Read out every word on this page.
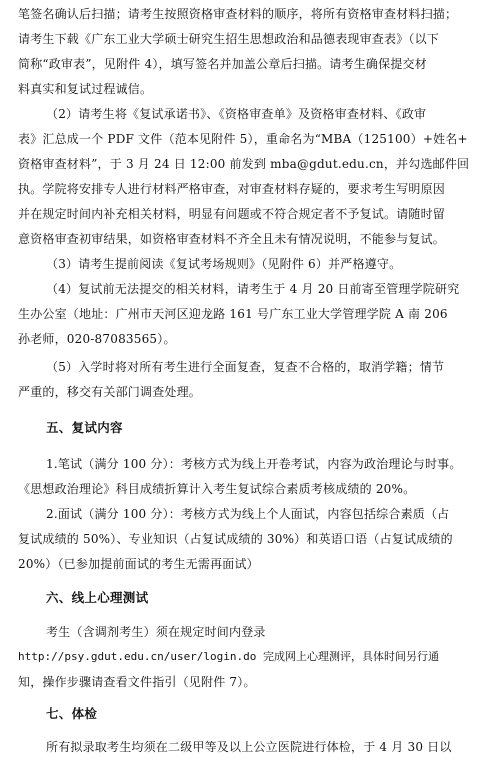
笔签名确认后扫描；请考生按照资格审查材料的顺序，将所有资格审查材料扫描；
请考生下载《广东工业大学硕士研究生招生思想政治和品德表现审查表》（以下
简称“政审表”，见附件 4），填写签名并加盖公章后扫描。请考生确保提交材
料真实和复试过程诚信。
（2）请考生将《复试承诺书》、《资格审查单》及资格审查材料、《政审
表》汇总成一个 PDF 文件（范本见附件 5），重命名为“MBA（125100）+姓名+
资格审查材料”，于 3 月 24 日 12:00 前发到 mba@gdut.edu.cn，并勾选邮件回
执。学院将安排专人进行材料严格审查，对审查材料存疑的，要求考生写明原因
并在规定时间内补充相关材料，明显有问题或不符合规定者不予复试。请随时留
意资格审查初审结果，如资格审查材料不齐全且未有情况说明，不能参与复试。
（3）请考生提前阅读《复试考场规则》（见附件 6）并严格遵守。
（4）复试前无法提交的相关材料，请考生于 4 月 20 日前寄至管理学院研究
生办公室（地址：广州市天河区迎龙路 161 号广东工业大学管理学院 A 南 206
孙老师，020-87083565）。
（5）入学时将对所有考生进行全面复查，复查不合格的，取消学籍；情节
严重的，移交有关部门调查处理。
五、复试内容
1.笔试（满分 100 分）：考核方式为线上开卷考试，内容为政治理论与时事。
《思想政治理论》科目成绩折算计入考生复试综合素质考核成绩的 20%。
2.面试（满分 100 分）：考核方式为线上个人面试，内容包括综合素质（占
复试成绩的 50%）、专业知识（占复试成绩的 30%）和英语口语（占复试成绩的
20%）（已参加提前面试的考生无需再面试）
六、线上心理测试
考生（含调剂考生）须在规定时间内登录
http://psy.gdut.edu.cn/user/login.do 完成网上心理测评，具体时间另行通
知，操作步骤请查看文件指引（见附件 7）。
七、体检
所有拟录取考生均须在二级甲等及以上公立医院进行体检，于 4 月 30 日以
